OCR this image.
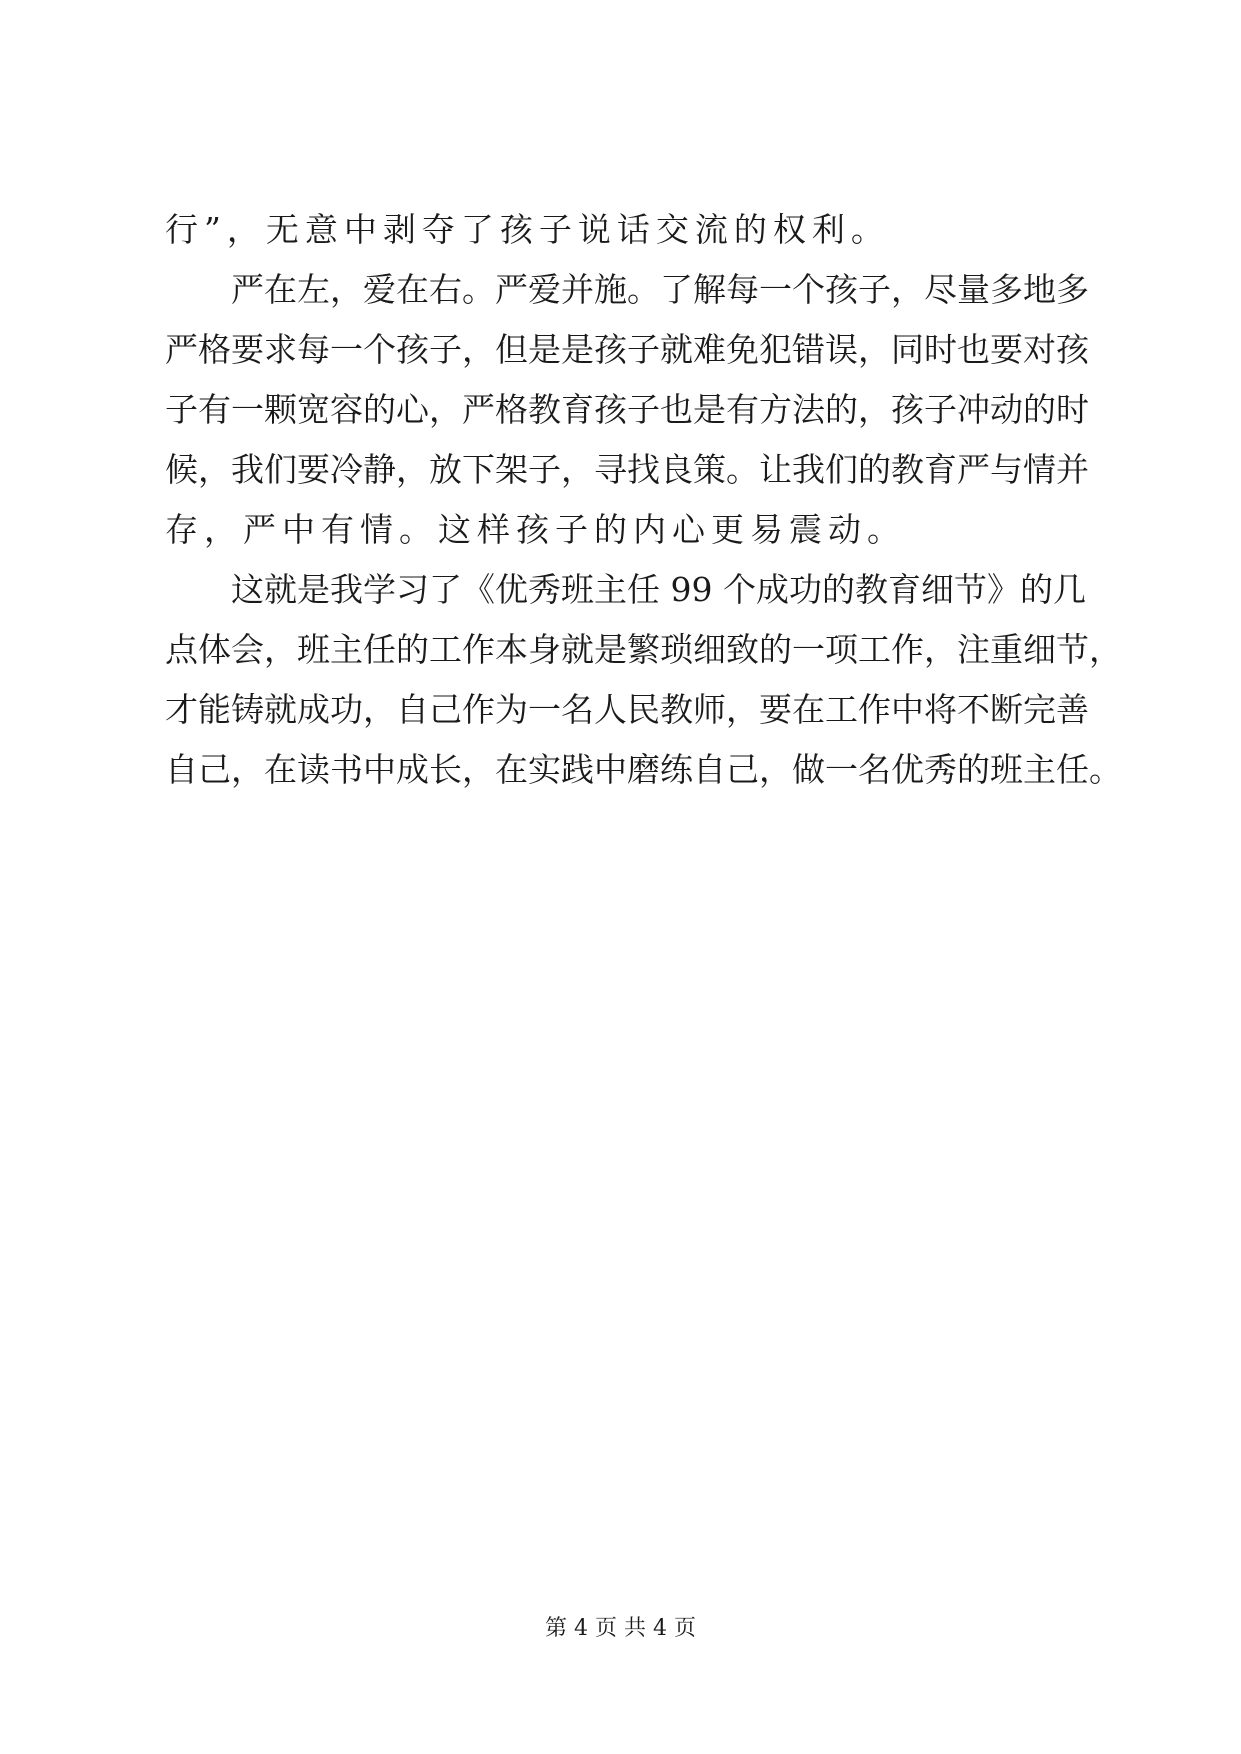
行”，无意中剥夺了孩子说话交流的权利。
严在左，爱在右。严爱并施。了解每一个孩子，尽量多地多
严格要求每一个孩子，但是是孩子就难免犯错误，同时也要对孩
子有一颗宽容的心，严格教育孩子也是有方法的，孩子冲动的时
候，我们要冷静，放下架子，寻找良策。让我们的教育严与情并
存，严中有情。这样孩子的内心更易震动。
这就是我学习了《优秀班主任 99 个成功的教育细节》的几
点体会，班主任的工作本身就是繁琐细致的一项工作，注重细节，
才能铸就成功，自己作为一名人民教师，要在工作中将不断完善
自己，在读书中成长，在实践中磨练自己，做一名优秀的班主任。
第 4 页 共 4 页
